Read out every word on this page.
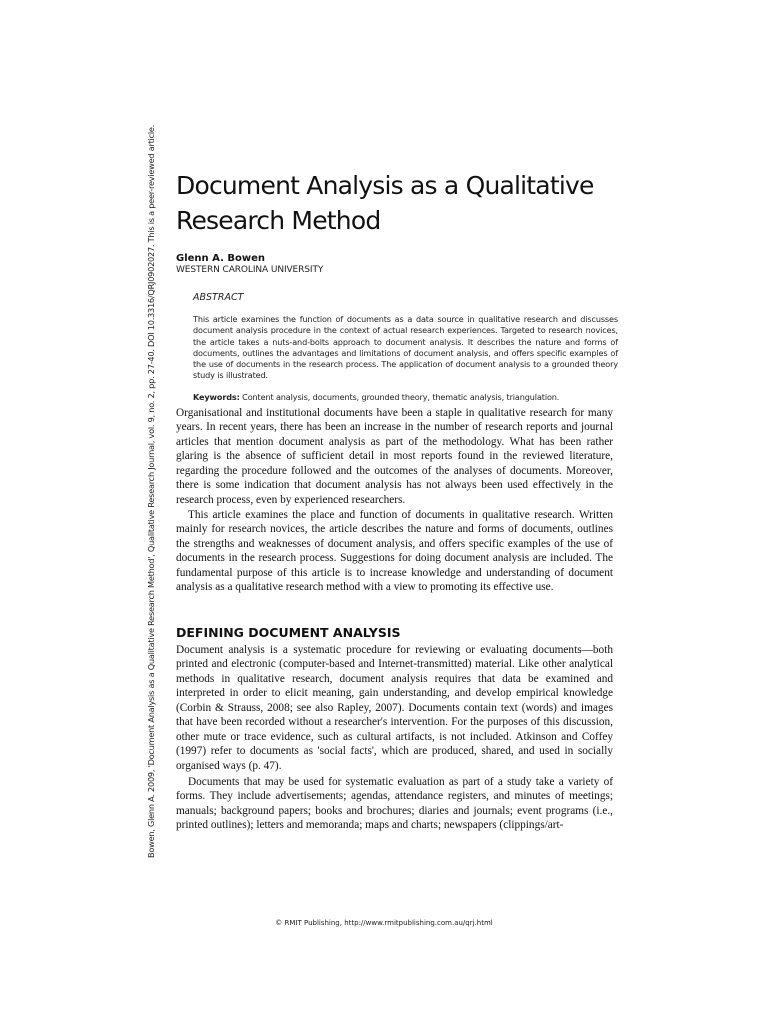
Bowen, Glenn A. 2009, 'Document Analysis as a Qualitative Research Method', Qualitative Research Journal, vol. 9, no. 2, pp. 27-40. DOI 10.3316/QRJ0902027. This is a peer-reviewed article. Document Analysis as a Qualitative Research Method
Glenn A. Bowen
WESTERN CAROLINA UNIVERSITY
ABSTRACT

This article examines the function of documents as a data source in qualitative research and discusses document analysis procedure in the context of actual research experiences. Targeted to research novices, the article takes a nuts-and-bolts approach to document analysis. It describes the nature and forms of documents, outlines the advantages and limitations of document analysis, and offers specific examples of the use of documents in the research process. The application of document analysis to a grounded theory study is illustrated.

Keywords: Content analysis, documents, grounded theory, thematic analysis, triangulation.

Organisational and institutional documents have been a staple in qualitative research for many years. In recent years, there has been an increase in the number of research reports and journal articles that mention document analysis as part of the methodology. What has been rather glaring is the absence of sufficient detail in most reports found in the reviewed literature, regarding the procedure followed and the outcomes of the analyses of documents. Moreover, there is some indication that document analysis has not always been used effectively in the research process, even by experienced researchers.

This article examines the place and function of documents in qualitative research. Written mainly for research novices, the article describes the nature and forms of documents, outlines the strengths and weaknesses of document analysis, and offers specific examples of the use of documents in the research process. Suggestions for doing document analysis are included. The fundamental purpose of this article is to increase knowledge and understanding of document analysis as a qualitative research method with a view to promoting its effective use.

DEFINING DOCUMENT ANALYSIS

Document analysis is a systematic procedure for reviewing or evaluating documents—both printed and electronic (computer-based and Internet-transmitted) material. Like other analytical methods in qualitative research, document analysis requires that data be examined and interpreted in order to elicit meaning, gain understanding, and develop empirical knowledge (Corbin & Strauss, 2008; see also Rapley, 2007). Documents contain text (words) and images that have been recorded without a researcher's intervention. For the purposes of this discussion, other mute or trace evidence, such as cultural artifacts, is not included. Atkinson and Coffey (1997) refer to documents as 'social facts', which are produced, shared, and used in socially organised ways (p. 47).

Documents that may be used for systematic evaluation as part of a study take a variety of forms. They include advertisements; agendas, attendance registers, and minutes of meetings; manuals; background papers; books and brochures; diaries and journals; event programs (i.e., printed outlines); letters and memoranda; maps and charts; newspapers (clippings/art-

© RMIT Publishing, http://www.rmitpublishing.com.au/qrj.html
